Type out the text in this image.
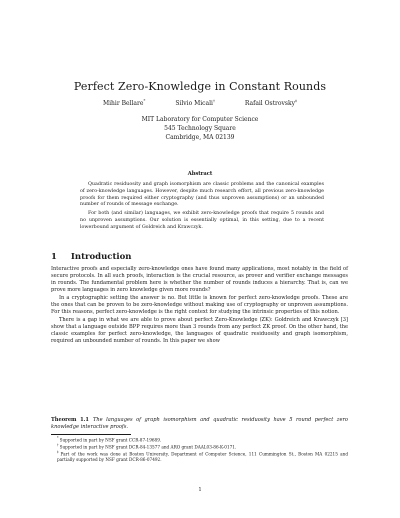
Perfect Zero-Knowledge in Constant Rounds
Mihir Bellare*	Silvio Micali†	Rafail Ostrovsky‡
MIT Laboratory for Computer Science
545 Technology Square
Cambridge, MA 02139
Abstract

Quadratic residuosity and graph isomorphism are classic problems and the canonical examples of zero-knowledge languages. However, despite much research effort, all previous zero-knowledge proofs for them required either cryptography (and thus unproven assumptions) or an unbounded number of rounds of message exchange.

For both (and similar) languages, we exhibit zero-knowledge proofs that require 5 rounds and no unproven assumptions. Our solution is essentially optimal, in this setting, due to a recent lowerbound argument of Goldreich and Krawczyk.

1 Introduction

Interactive proofs and especially zero-knowledge ones have found many applications, most notably in the field of secure protocols. In all such proofs, interaction is the crucial resource, as prover and verifier exchange messages in rounds. The fundamental problem here is whether the number of rounds induces a hierarchy. That is, can we prove more languages in zero knowledge given more rounds?

In a cryptographic setting the answer is no. But little is known for perfect zero-knowledge proofs. These are the ones that can be proven to be zero-knowledge without making use of cryptography or unproven assumptions. For this reasons, perfect zero-knowledge is the right context for studying the intrinsic properties of this notion.

There is a gap in what we are able to prove about perfect Zero-Knowledge (ZK): Goldreich and Krawczyk [3] show that a language outside BPP requires more than 3 rounds from any perfect ZK proof. On the other hand, the classic examples for perfect zero-knowledge, the languages of quadratic residuosity and graph isomorphism, required an unbounded number of rounds. In this paper we show

Theorem 1.1 The languages of graph isomorphism and quadratic residuosity have 5 round perfect zero knowledge interactive proofs.

*Supported in part by NSF grant CCR-87-19689.

†Supported in part by NSF grant DCR-84-13577 and ARO grant DAAL03-86-K-0171.

‡Part of the work was done at Boston University, Department of Computer Science, 111 Cummington St., Boston MA 02215 and partially supported by NSF grant DCR-86-07492.

1
